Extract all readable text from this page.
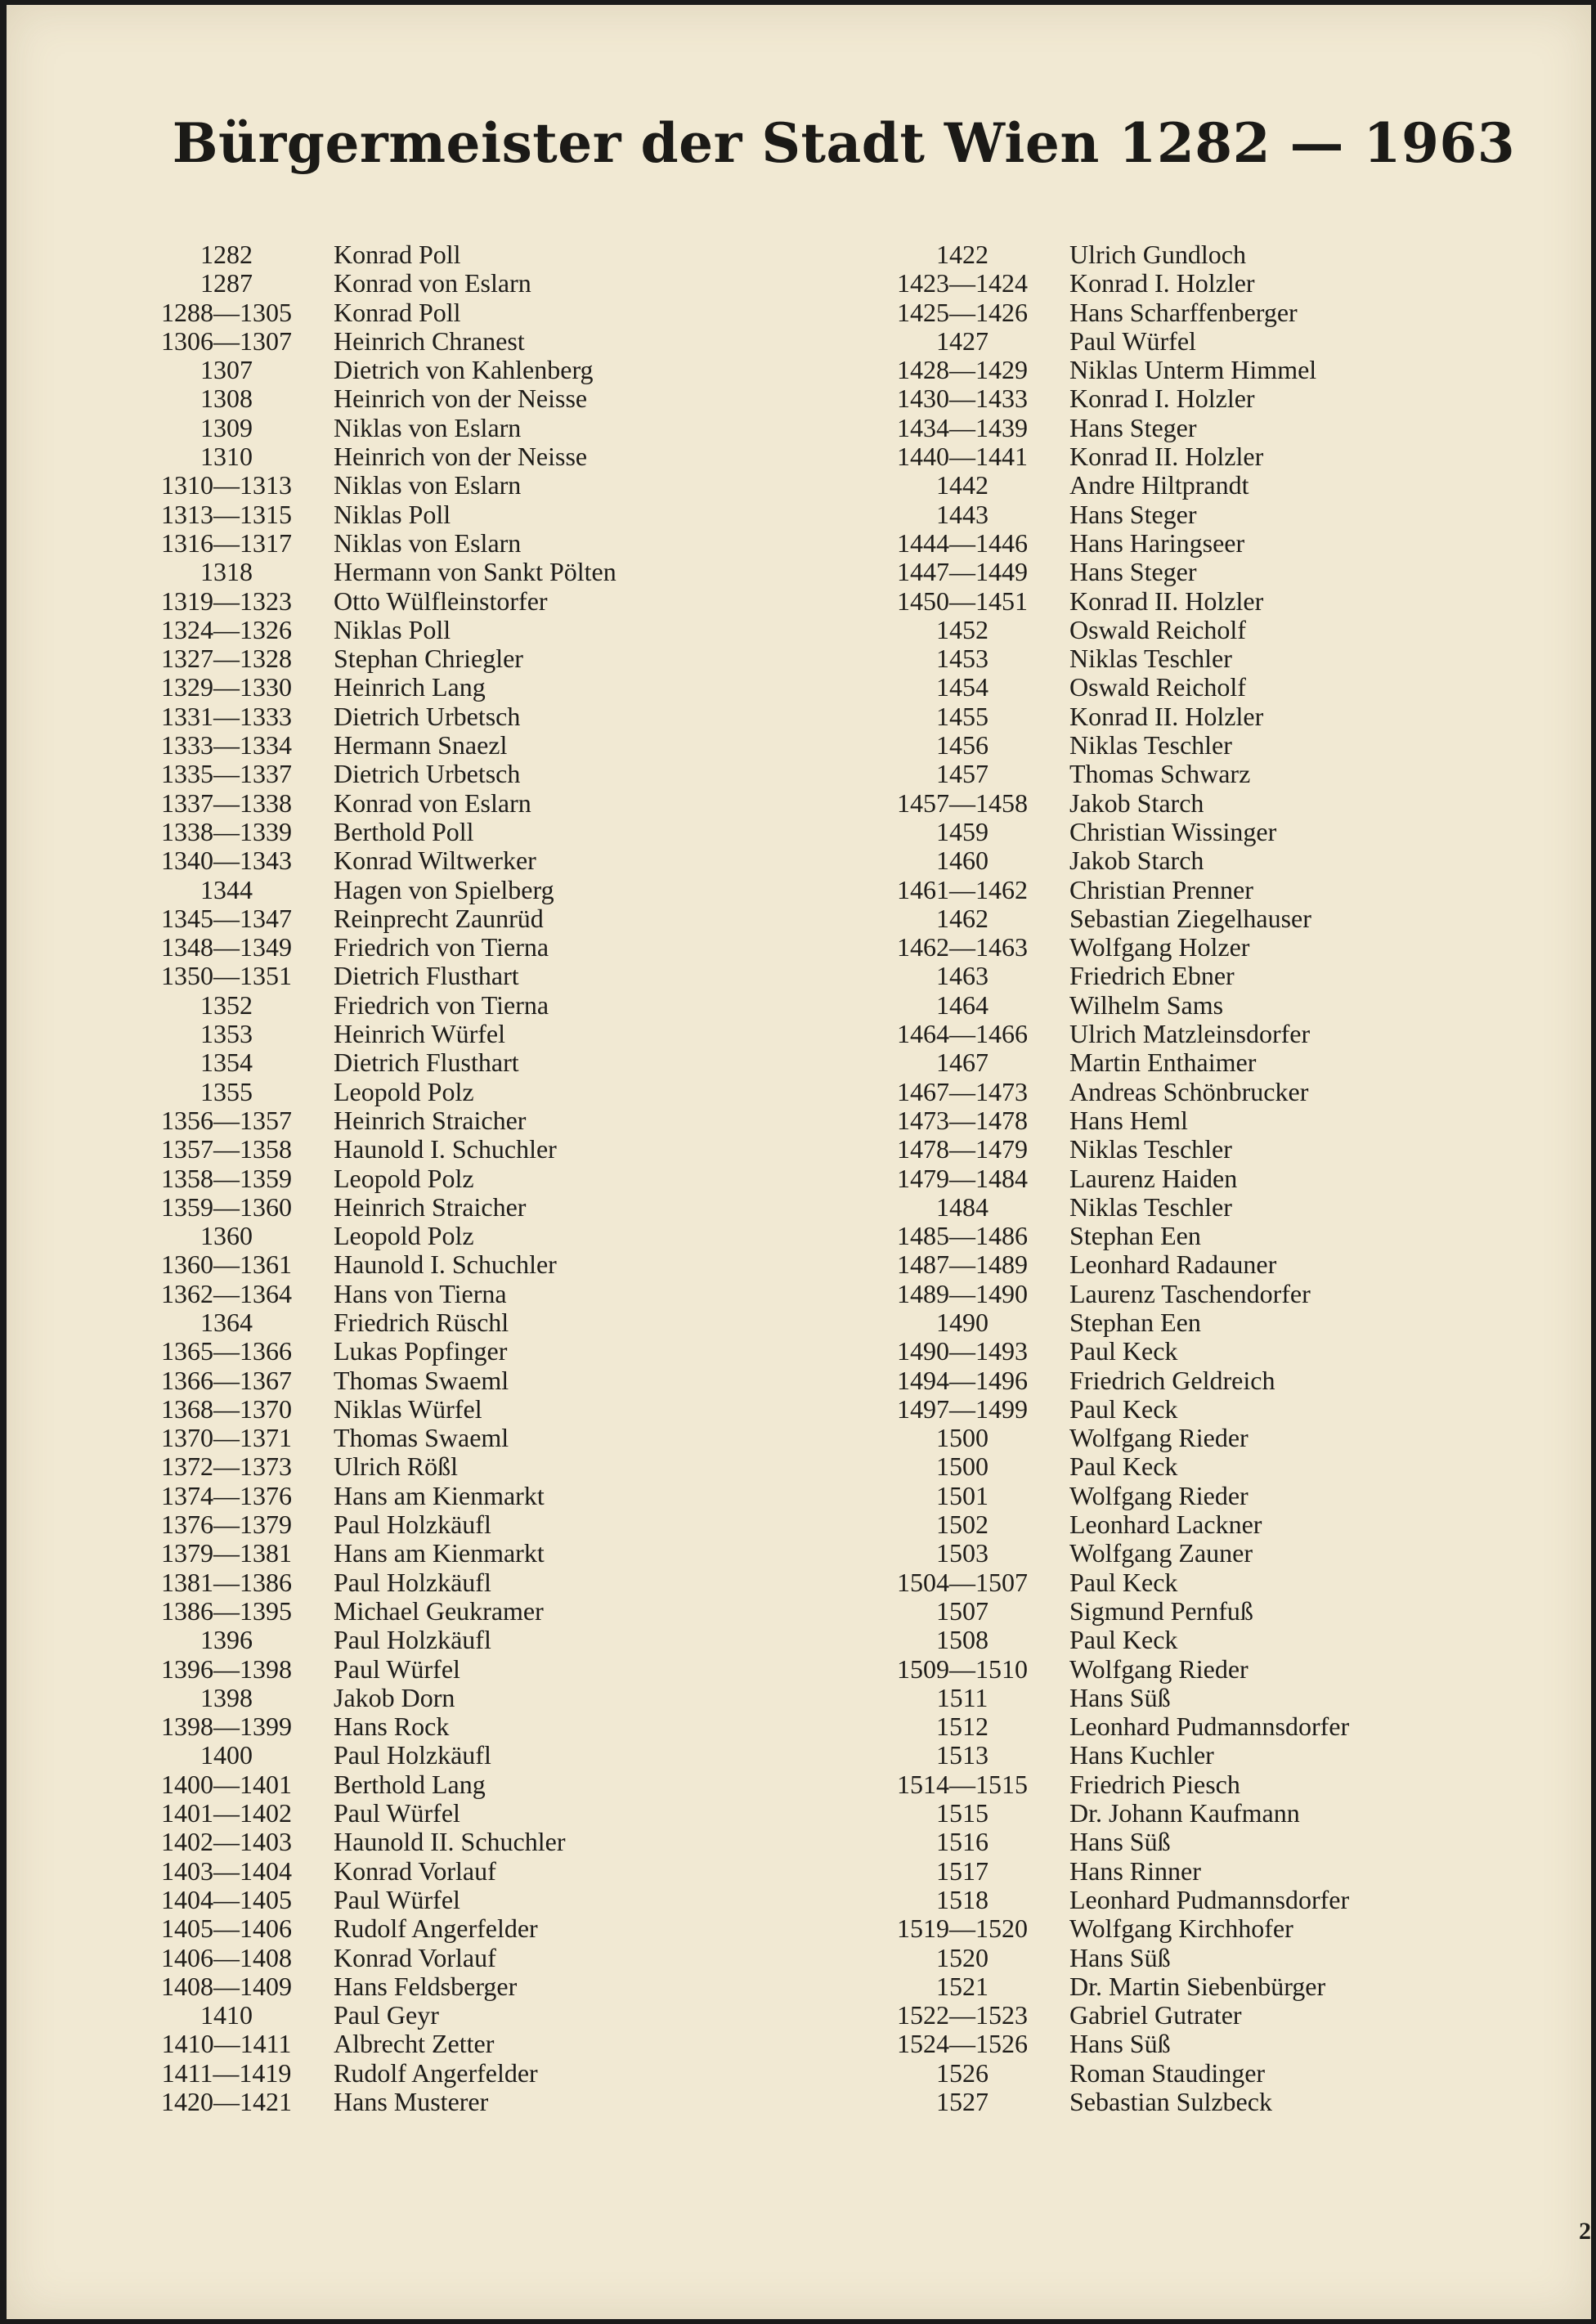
Bürgermeister der Stadt Wien 1282 — 1963
1282	Konrad Poll
1287	Konrad von Eslarn
1288—1305	Konrad Poll
1306—1307	Heinrich Chranest
1307	Dietrich von Kahlenberg
1308	Heinrich von der Neisse
1309	Niklas von Eslarn
1310	Heinrich von der Neisse
1310—1313	Niklas von Eslarn
1313—1315	Niklas Poll
1316—1317	Niklas von Eslarn
1318	Hermann von Sankt Pölten
1319—1323	Otto Wülfleinstorfer
1324—1326	Niklas Poll
1327—1328	Stephan Chriegler
1329—1330	Heinrich Lang
1331—1333	Dietrich Urbetsch
1333—1334	Hermann Snaezl
1335—1337	Dietrich Urbetsch
1337—1338	Konrad von Eslarn
1338—1339	Berthold Poll
1340—1343	Konrad Wiltwerker
1344	Hagen von Spielberg
1345—1347	Reinprecht Zaunrüd
1348—1349	Friedrich von Tierna
1350—1351	Dietrich Flusthart
1352	Friedrich von Tierna
1353	Heinrich Würfel
1354	Dietrich Flusthart
1355	Leopold Polz
1356—1357	Heinrich Straicher
1357—1358	Haunold I. Schuchler
1358—1359	Leopold Polz
1359—1360	Heinrich Straicher
1360	Leopold Polz
1360—1361	Haunold I. Schuchler
1362—1364	Hans von Tierna
1364	Friedrich Rüschl
1365—1366	Lukas Popfinger
1366—1367	Thomas Swaeml
1368—1370	Niklas Würfel
1370—1371	Thomas Swaeml
1372—1373	Ulrich Rößl
1374—1376	Hans am Kienmarkt
1376—1379	Paul Holzkäufl
1379—1381	Hans am Kienmarkt
1381—1386	Paul Holzkäufl
1386—1395	Michael Geukramer
1396	Paul Holzkäufl
1396—1398	Paul Würfel
1398	Jakob Dorn
1398—1399	Hans Rock
1400	Paul Holzkäufl
1400—1401	Berthold Lang
1401—1402	Paul Würfel
1402—1403	Haunold II. Schuchler
1403—1404	Konrad Vorlauf
1404—1405	Paul Würfel
1405—1406	Rudolf Angerfelder
1406—1408	Konrad Vorlauf
1408—1409	Hans Feldsberger
1410	Paul Geyr
1410—1411	Albrecht Zetter
1411—1419	Rudolf Angerfelder
1420—1421	Hans Musterer
1422	Ulrich Gundloch
1423—1424	Konrad I. Holzler
1425—1426	Hans Scharffenberger
1427	Paul Würfel
1428—1429	Niklas Unterm Himmel
1430—1433	Konrad I. Holzler
1434—1439	Hans Steger
1440—1441	Konrad II. Holzler
1442	Andre Hiltprandt
1443	Hans Steger
1444—1446	Hans Haringseer
1447—1449	Hans Steger
1450—1451	Konrad II. Holzler
1452	Oswald Reicholf
1453	Niklas Teschler
1454	Oswald Reicholf
1455	Konrad II. Holzler
1456	Niklas Teschler
1457	Thomas Schwarz
1457—1458	Jakob Starch
1459	Christian Wissinger
1460	Jakob Starch
1461—1462	Christian Prenner
1462	Sebastian Ziegelhauser
1462—1463	Wolfgang Holzer
1463	Friedrich Ebner
1464	Wilhelm Sams
1464—1466	Ulrich Matzleinsdorfer
1467	Martin Enthaimer
1467—1473	Andreas Schönbrucker
1473—1478	Hans Heml
1478—1479	Niklas Teschler
1479—1484	Laurenz Haiden
1484	Niklas Teschler
1485—1486	Stephan Een
1487—1489	Leonhard Radauner
1489—1490	Laurenz Taschendorfer
1490	Stephan Een
1490—1493	Paul Keck
1494—1496	Friedrich Geldreich
1497—1499	Paul Keck
1500	Wolfgang Rieder
1500	Paul Keck
1501	Wolfgang Rieder
1502	Leonhard Lackner
1503	Wolfgang Zauner
1504—1507	Paul Keck
1507	Sigmund Pernfuß
1508	Paul Keck
1509—1510	Wolfgang Rieder
1511	Hans Süß
1512	Leonhard Pudmannsdorfer
1513	Hans Kuchler
1514—1515	Friedrich Piesch
1515	Dr. Johann Kaufmann
1516	Hans Süß
1517	Hans Rinner
1518	Leonhard Pudmannsdorfer
1519—1520	Wolfgang Kirchhofer
1520	Hans Süß
1521	Dr. Martin Siebenbürger
1522—1523	Gabriel Gutrater
1524—1526	Hans Süß
1526	Roman Staudinger
1527	Sebastian Sulzbeck
2
